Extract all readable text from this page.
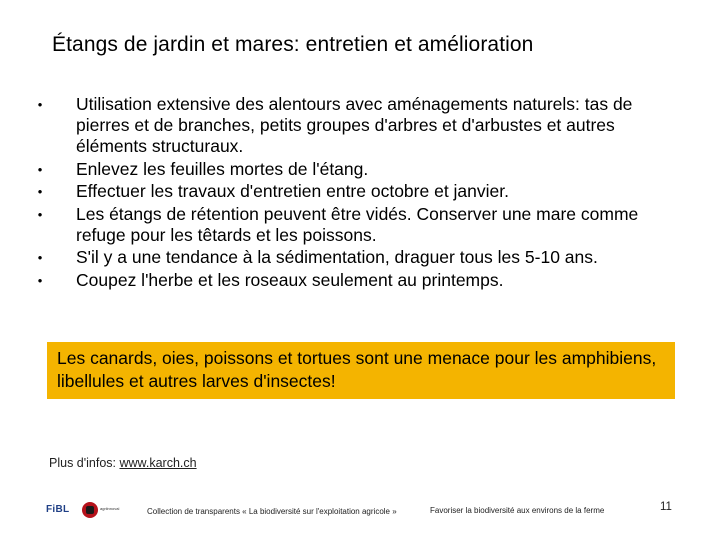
Étangs de jardin et mares: entretien et amélioration
•	Utilisation extensive des alentours avec aménagements naturels: tas de pierres et de branches, petits groupes d'arbres et d'arbustes et autres éléments structuraux.
•	Enlevez les feuilles mortes de l'étang.
•	Effectuer les travaux d'entretien entre octobre et janvier.
•	Les étangs de rétention peuvent être vidés. Conserver une mare comme refuge pour les têtards et les poissons.
•	S'il y a une tendance à la sédimentation, draguer tous les 5-10 ans.
•	Coupez l'herbe et les roseaux seulement au printemps.
Les canards, oies, poissons et tortues sont une menace pour les amphibiens, libellules et autres larves d'insectes!
Plus d'infos: www.karch.ch
FiBL	agriinnoval	Collection de transparents « La biodiversité sur l'exploitation agricole »	Favoriser la biodiversité aux environs de la ferme	11
